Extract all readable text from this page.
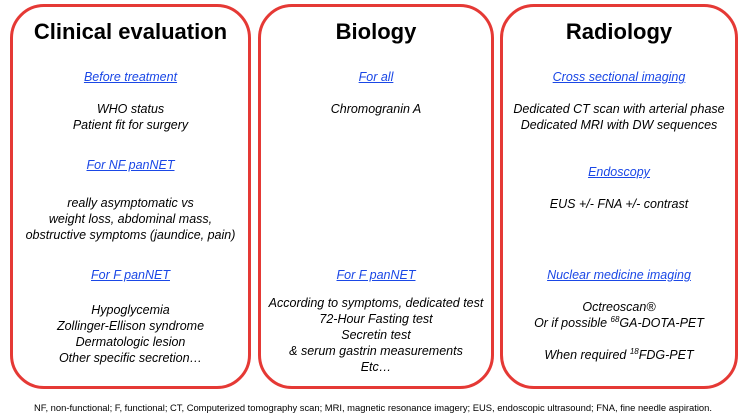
Clinical evaluation
Before treatment
WHO status
Patient fit for surgery
For NF panNET
really asymptomatic vs
weight loss, abdominal mass,
obstructive symptoms (jaundice, pain)
For F panNET
Hypoglycemia
Zollinger-Ellison syndrome
Dermatologic lesion
Other specific secretion…
Biology
For all
Chromogranin A
For F panNET
According to symptoms, dedicated test
72-Hour Fasting test
Secretin test
& serum gastrin measurements
Etc…
Radiology
Cross sectional imaging
Dedicated CT scan with arterial phase
Dedicated MRI with DW sequences
Endoscopy
EUS +/- FNA +/- contrast
Nuclear medicine imaging
Octreoscan®
Or if possible $^{68}$GA-DOTA-PET
When required $^{18}$FDG-PET
NF, non-functional; F, functional; CT, Computerized tomography scan; MRI, magnetic resonance imagery; EUS, endoscopic ultrasound; FNA, fine needle aspiration.
